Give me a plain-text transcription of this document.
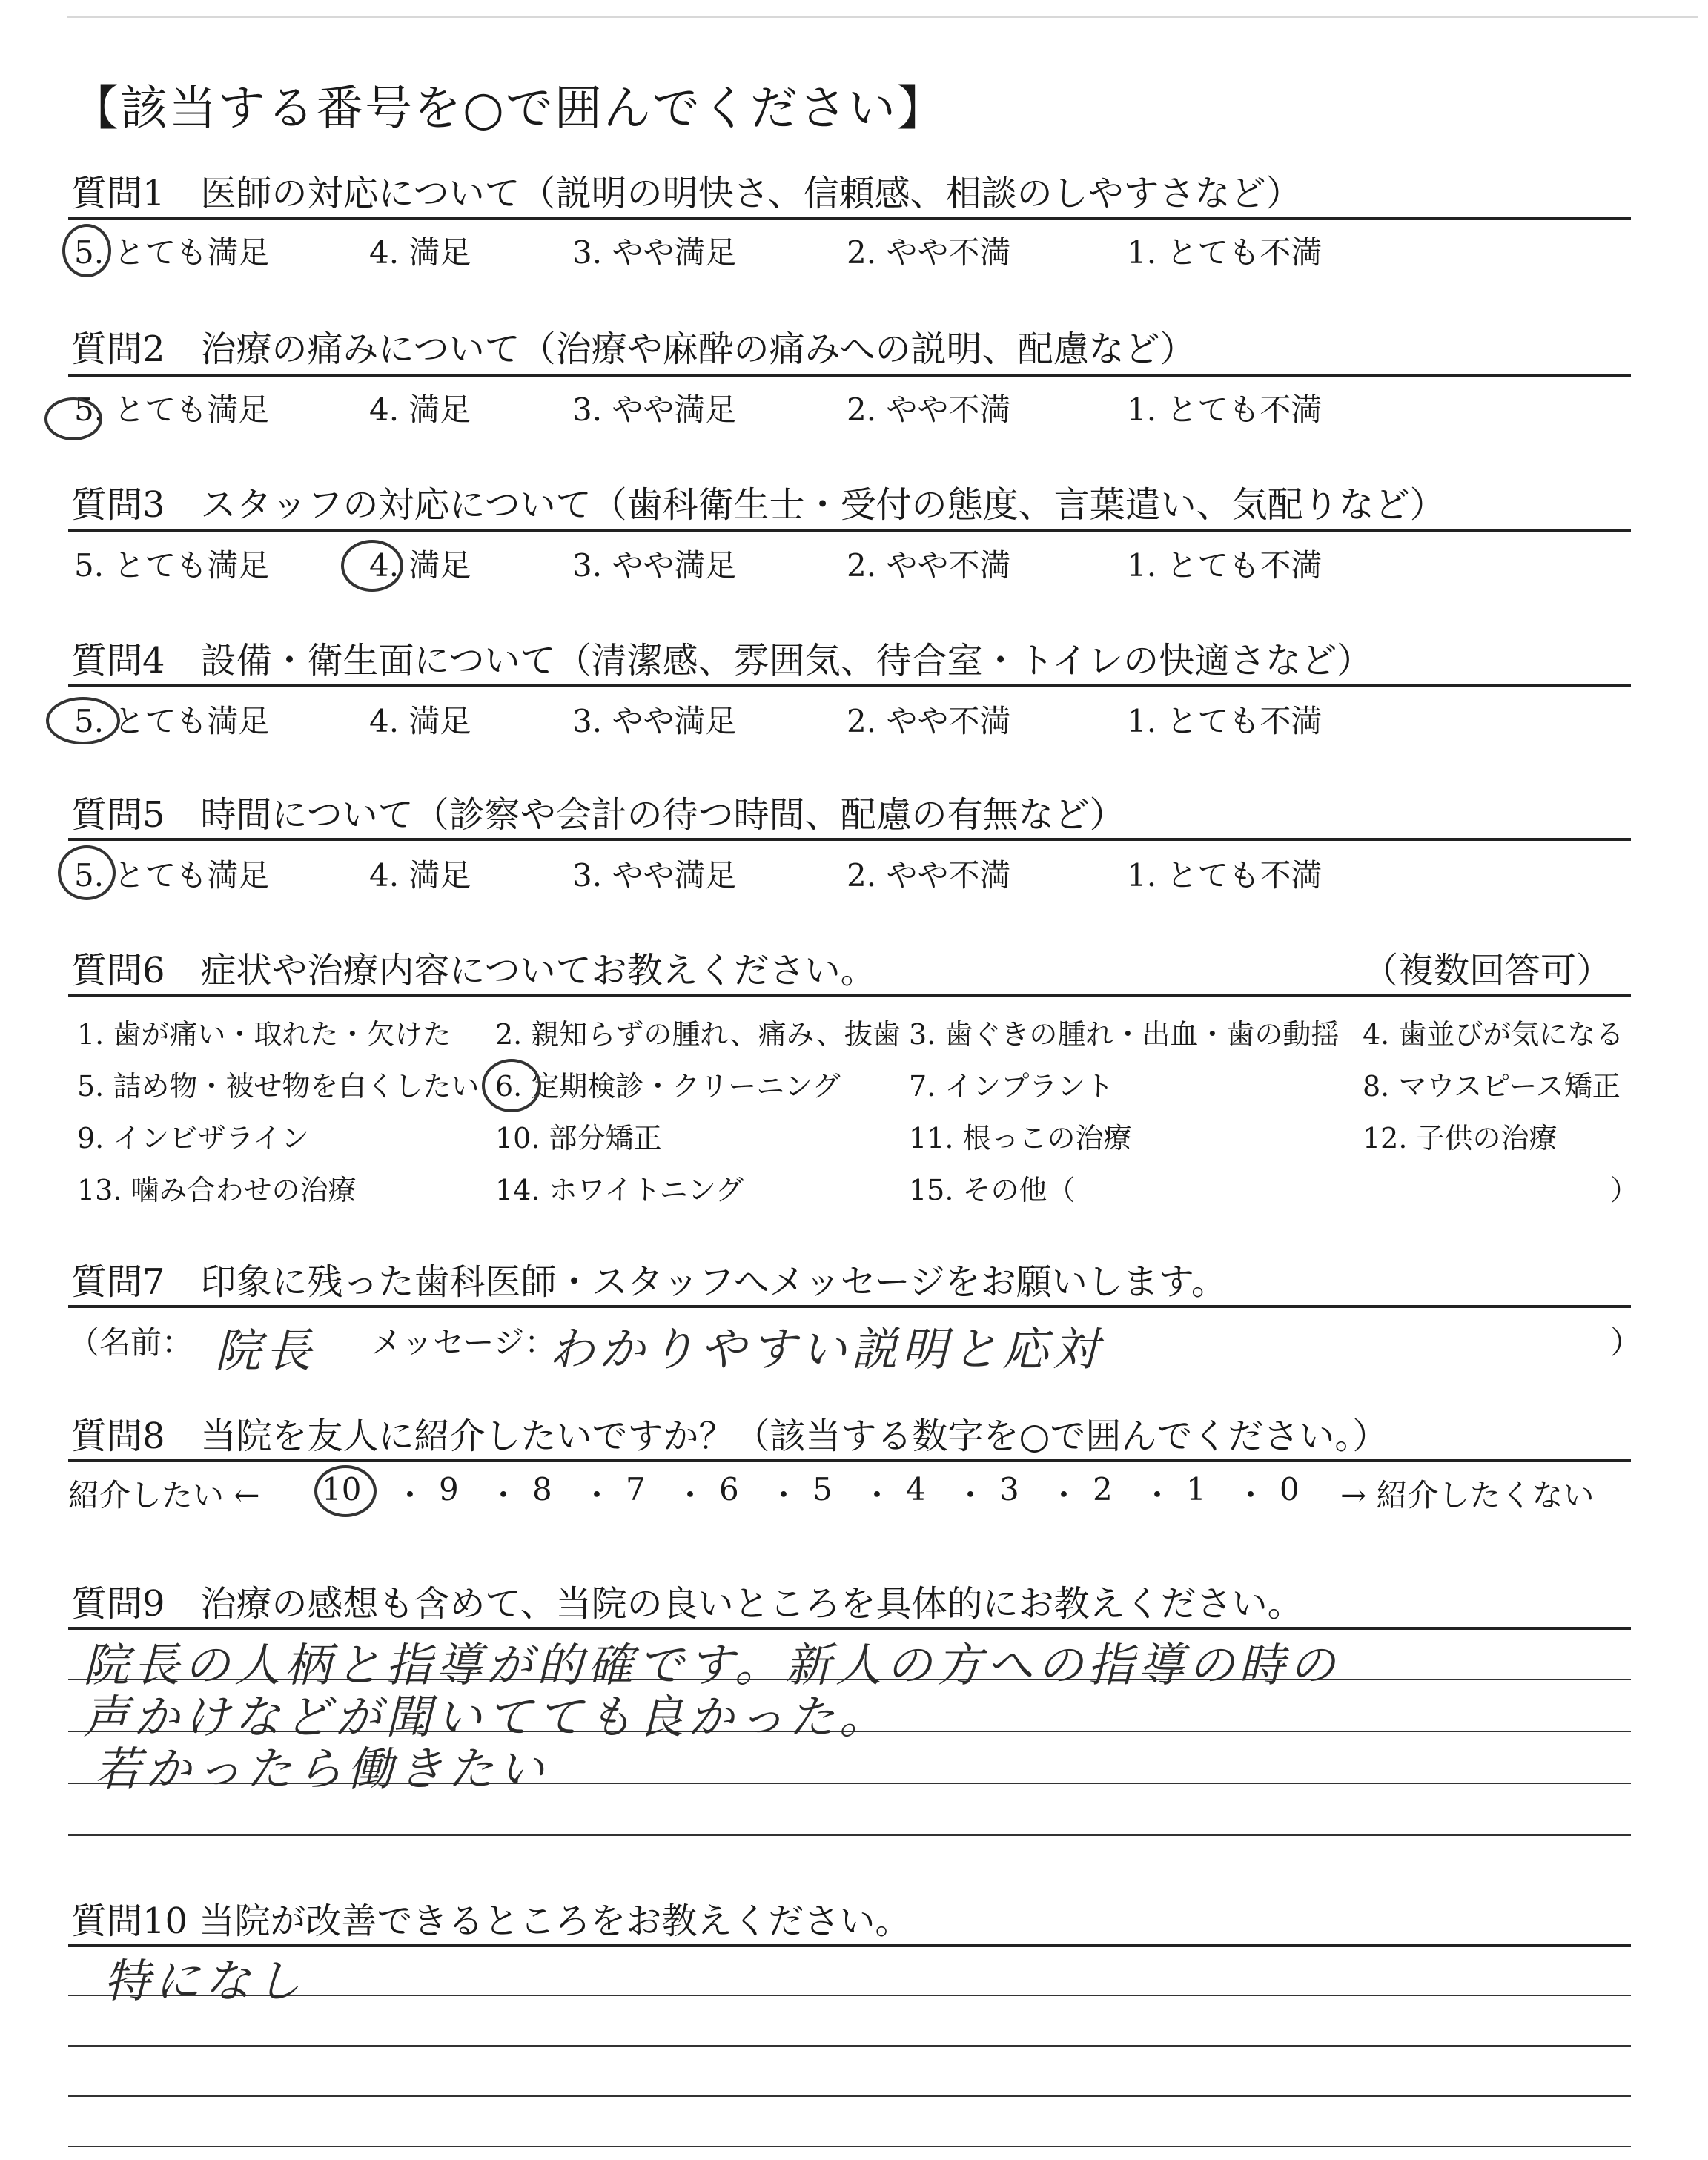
【該当する番号を○で囲んでください】
質問1　医師の対応について（説明の明快さ、信頼感、相談のしやすさなど）
5. とても満足	4. 満足	3. やや満足	2. やや不満	1. とても不満
質問2　治療の痛みについて（治療や麻酔の痛みへの説明、配慮など）
5. とても満足	4. 満足	3. やや満足	2. やや不満	1. とても不満
質問3　スタッフの対応について（歯科衛生士・受付の態度、言葉遣い、気配りなど）
5. とても満足	4. 満足	3. やや満足	2. やや不満	1. とても不満
質問4　設備・衛生面について（清潔感、雰囲気、待合室・トイレの快適さなど）
5. とても満足	4. 満足	3. やや満足	2. やや不満	1. とても不満
質問5　時間について（診察や会計の待つ時間、配慮の有無など）
5. とても満足	4. 満足	3. やや満足	2. やや不満	1. とても不満
質問6　症状や治療内容についてお教えください。	（複数回答可）
1. 歯が痛い・取れた・欠けた 2. 親知らずの腫れ、痛み、抜歯 3. 歯ぐきの腫れ・出血・歯の動揺 4. 歯並びが気になる
5. 詰め物・被せ物を白くしたい 6. 定期検診・クリーニング 7. インプラント	8. マウスピース矯正
9. インビザライン	10. 部分矯正	11. 根っこの治療	12. 子供の治療
13. 噛み合わせの治療	14. ホワイトニング	15. その他（	）
質問7　印象に残った歯科医師・スタッフへメッセージをお願いします。
（名前： 院長 メッセージ：
わかりやすい説明と応対	）
質問8　当院を友人に紹介したいですか？（該当する数字を○で囲んでください。）
紹介したい ← 10 ・ 9 ・ 8 ・ 7 ・ 6 ・ 5 ・ 4 ・ 3 ・ 2 ・ 1 ・ 0 → 紹介したくない
質問9　治療の感想も含めて、当院の良いところを具体的にお教えください。
院長の人柄と指導が的確です。新人の方への指導の時の
声かけなどが聞いてても良かった。
若かったら働きたい
質問10 当院が改善できるところをお教えください。
特になし
